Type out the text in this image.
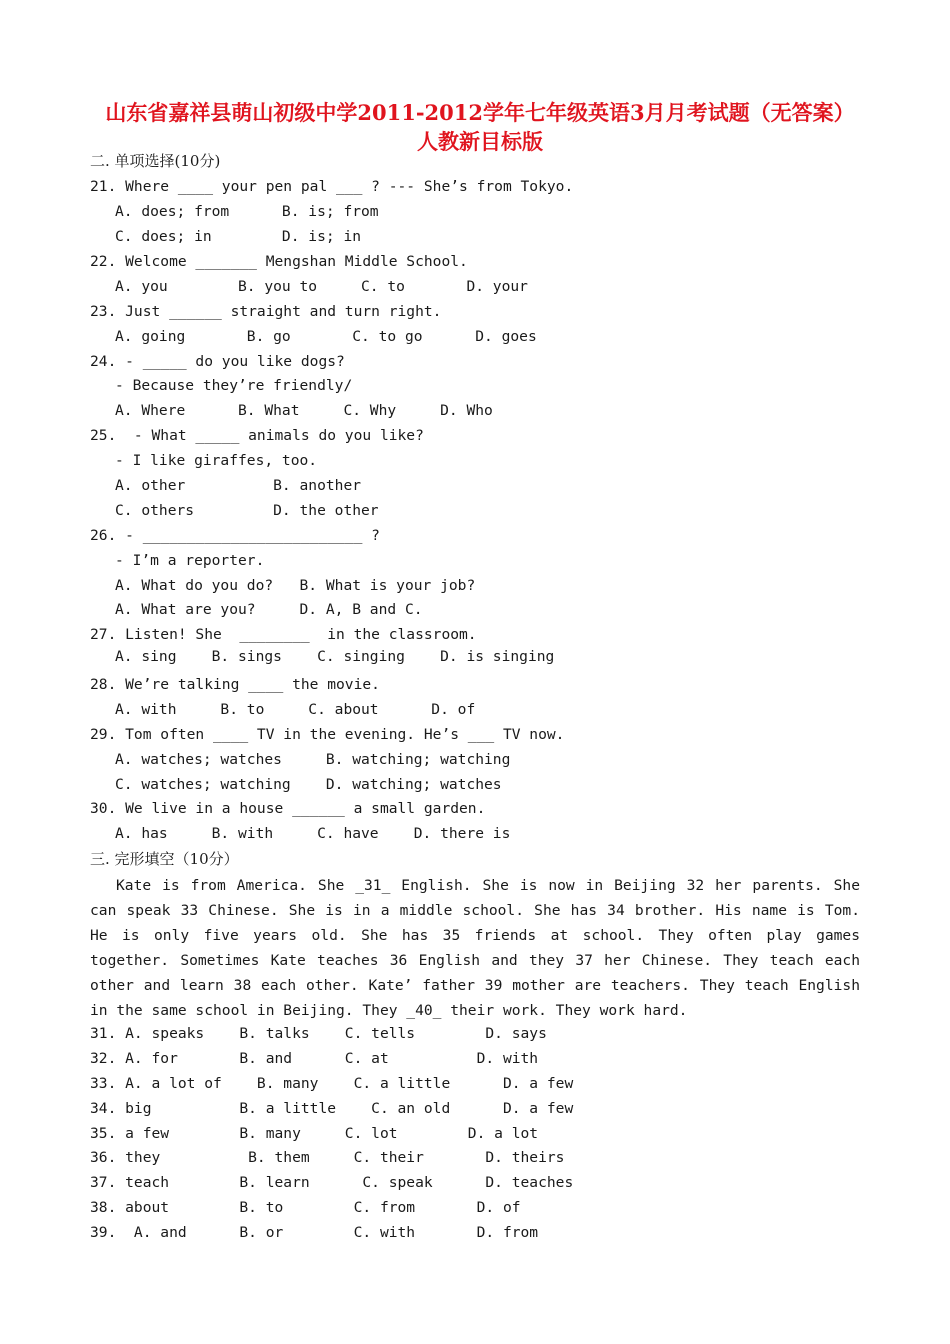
山东省嘉祥县萌山初级中学2011-2012学年七年级英语3月月考试题（无答案） 人教新目标版
二. 单项选择(10分)
21. Where ____ your pen pal ___ ? --- She’s from Tokyo.
A. does; from      B. is; from
C. does; in        D. is; in
22. Welcome _______ Mengshan Middle School.
A. you        B. you to     C. to       D. your
23. Just ______ straight and turn right.
A. going       B. go       C. to go      D. goes
24. - _____ do you like dogs?
- Because they’re friendly/
A. Where      B. What     C. Why     D. Who
25.  - What _____ animals do you like?
- I like giraffes, too.
A. other          B. another
C. others         D. the other
26. - _________________________ ?
- I’m a reporter.
A. What do you do?   B. What is your job?
A. What are you?     D. A, B and C.
27. Listen! She  ________  in the classroom.
A. sing    B. sings    C. singing    D. is singing
28. We’re talking ____ the movie.
A. with     B. to     C. about      D. of
29. Tom often ____ TV in the evening. He’s ___ TV now.
A. watches; watches     B. watching; watching
C. watches; watching    D. watching; watches
30. We live in a house ______ a small garden.
A. has     B. with     C. have    D. there is
三. 完形填空（10分）
Kate is from America. She _31_ English. She is now in Beijing 32 her parents. She can speak 33 Chinese. She is in a middle school. She has 34 brother. His name is Tom. He is only five years old. She has 35 friends at school. They often play games together. Sometimes Kate teaches 36 English and they 37 her Chinese. They teach each other and learn 38 each other. Kate’ father 39 mother are teachers. They teach English in the same school in Beijing. They _40_ their work. They work hard.
31. A. speaks    B. talks    C. tells        D. says
32. A. for       B. and      C. at          D. with
33. A. a lot of    B. many    C. a little      D. a few
34. big          B. a little    C. an old      D. a few
35. a few        B. many     C. lot        D. a lot
36. they          B. them     C. their       D. theirs
37. teach        B. learn      C. speak      D. teaches
38. about        B. to        C. from       D. of
39.  A. and      B. or        C. with       D. from
